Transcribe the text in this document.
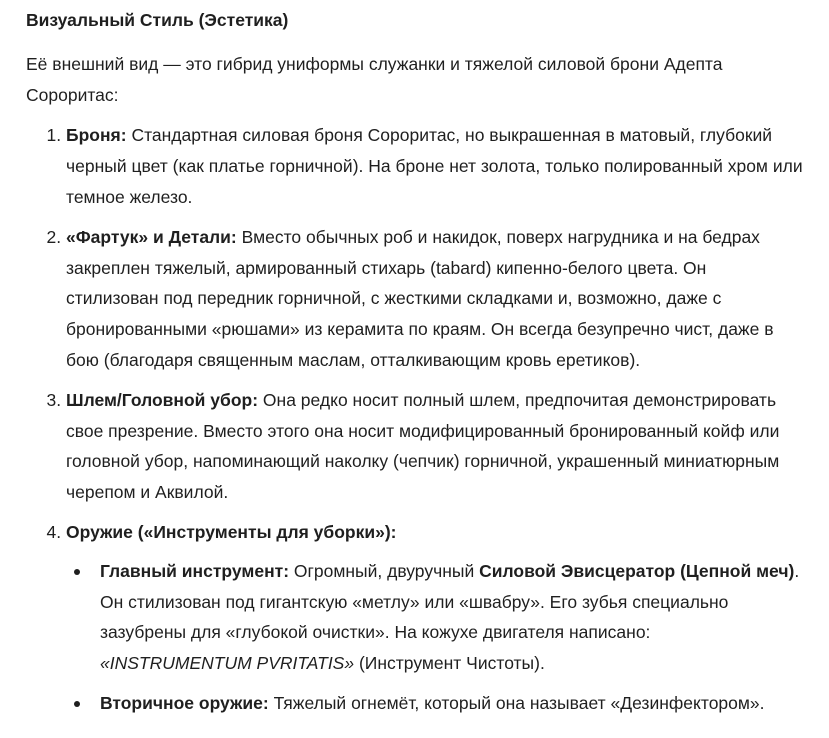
Визуальный Стиль (Эстетика)

Её внешний вид — это гибрид униформы служанки и тяжелой силовой брони Адепта Сороритас:

1. Броня: Стандартная силовая броня Сороритас, но выкрашенная в матовый, глубокий черный цвет (как платье горничной). На броне нет золота, только полированный хром или темное железо.
2. «Фартук» и Детали: Вместо обычных роб и накидок, поверх нагрудника и на бедрах закреплен тяжелый, армированный стихарь (tabard) кипенно-белого цвета. Он стилизован под передник горничной, с жесткими складками и, возможно, даже с бронированными «рюшами» из керамита по краям. Он всегда безупречно чист, даже в бою (благодаря священным маслам, отталкивающим кровь еретиков).
3. Шлем/Головной убор: Она редко носит полный шлем, предпочитая демонстрировать свое презрение. Вместо этого она носит модифицированный бронированный койф или головной убор, напоминающий наколку (чепчик) горничной, украшенный миниатюрным черепом и Аквилой.
4. Оружие («Инструменты для уборки»):
Главный инструмент: Огромный, двуручный Силовой Эвисцератор (Цепной меч). Он стилизован под гигантскую «метлу» или «швабру». Его зубья специально зазубрены для «глубокой очистки». На кожухе двигателя написано: «INSTRUMENTUM PVRITATIS» (Инструмент Чистоты).
Вторичное оружие: Тяжелый огнемёт, который она называет «Дезинфектором».
